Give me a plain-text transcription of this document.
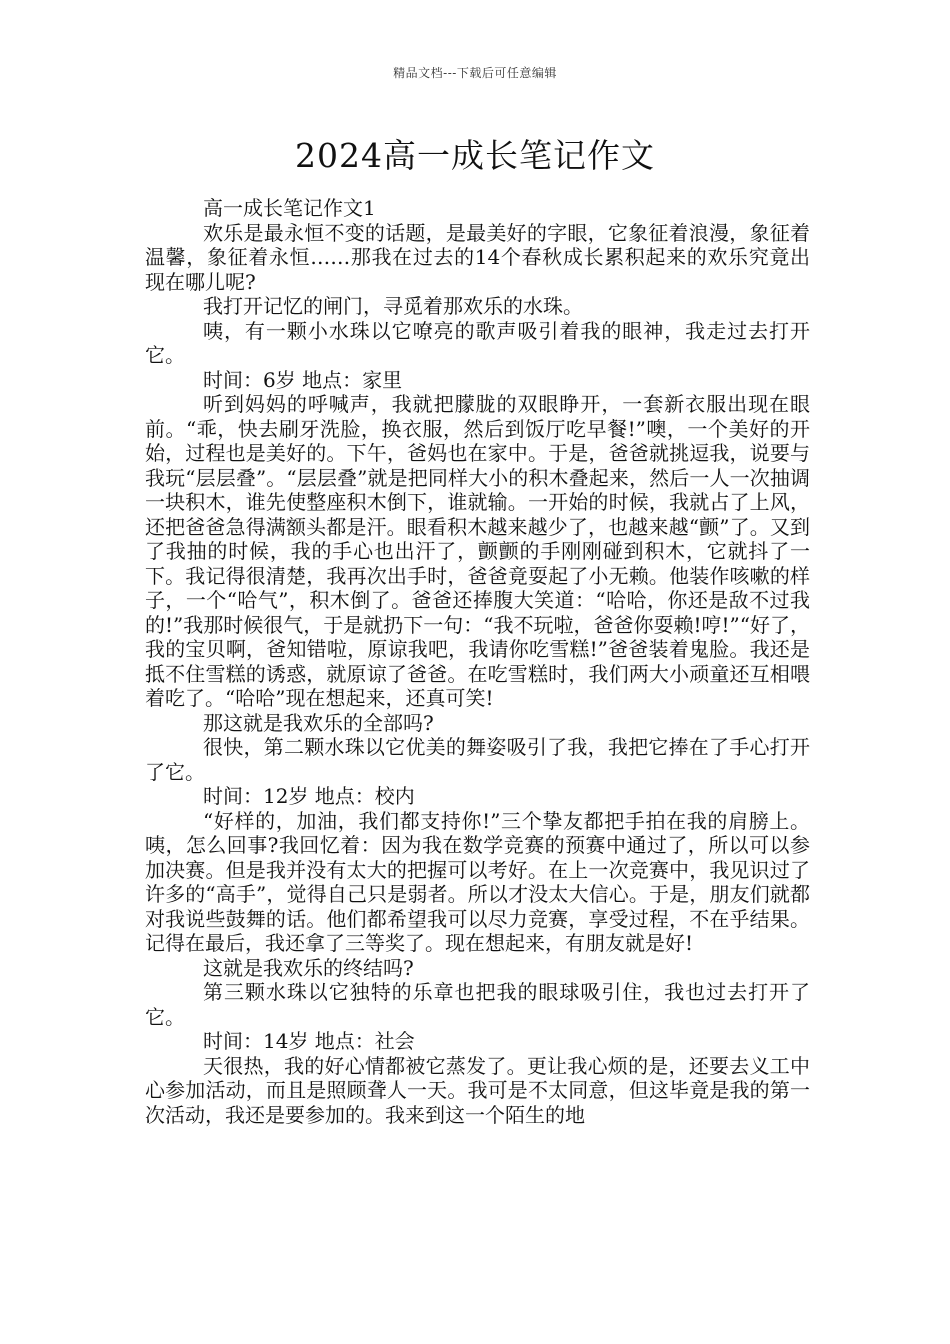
精品文档---下载后可任意编辑
2024高一成长笔记作文

高一成长笔记作文1

欢乐是最永恒不变的话题，是最美好的字眼，它象征着浪漫，象征着温馨，象征着永恒……那我在过去的14个春秋成长累积起来的欢乐究竟出现在哪儿呢?

我打开记忆的闸门，寻觅着那欢乐的水珠。

咦，有一颗小水珠以它嘹亮的歌声吸引着我的眼神，我走过去打开它。

时间：6岁 地点：家里

听到妈妈的呼喊声，我就把朦胧的双眼睁开，一套新衣服出现在眼前。“乖，快去刷牙洗脸，换衣服，然后到饭厅吃早餐!”噢，一个美好的开始，过程也是美好的。下午，爸妈也在家中。于是，爸爸就挑逗我，说要与我玩“层层叠”。“层层叠”就是把同样大小的积木叠起来，然后一人一次抽调一块积木，谁先使整座积木倒下，谁就输。一开始的时候，我就占了上风，还把爸爸急得满额头都是汗。眼看积木越来越少了，也越来越“颤”了。又到了我抽的时候，我的手心也出汗了，颤颤的手刚刚碰到积木，它就抖了一下。我记得很清楚，我再次出手时，爸爸竟耍起了小无赖。他装作咳嗽的样子，一个“哈气”，积木倒了。爸爸还捧腹大笑道：“哈哈，你还是敌不过我的!”我那时候很气，于是就扔下一句：“我不玩啦，爸爸你耍赖!哼!”“好了，我的宝贝啊，爸知错啦，原谅我吧，我请你吃雪糕!”爸爸装着鬼脸。我还是抵不住雪糕的诱惑，就原谅了爸爸。在吃雪糕时，我们两大小顽童还互相喂着吃了。“哈哈”现在想起来，还真可笑!

那这就是我欢乐的全部吗?

很快，第二颗水珠以它优美的舞姿吸引了我，我把它捧在了手心打开了它。

时间：12岁 地点：校内

“好样的，加油，我们都支持你!”三个挚友都把手拍在我的肩膀上。咦，怎么回事?我回忆着：因为我在数学竞赛的预赛中通过了，所以可以参加决赛。但是我并没有太大的把握可以考好。在上一次竞赛中，我见识过了许多的“高手”，觉得自己只是弱者。所以才没太大信心。于是，朋友们就都对我说些鼓舞的话。他们都希望我可以尽力竞赛，享受过程，不在乎结果。记得在最后，我还拿了三等奖了。现在想起来，有朋友就是好!

这就是我欢乐的终结吗?

第三颗水珠以它独特的乐章也把我的眼球吸引住，我也过去打开了它。

时间：14岁 地点：社会

天很热，我的好心情都被它蒸发了。更让我心烦的是，还要去义工中心参加活动，而且是照顾聋人一天。我可是不太同意，但这毕竟是我的第一次活动，我还是要参加的。我来到这一个陌生的地
